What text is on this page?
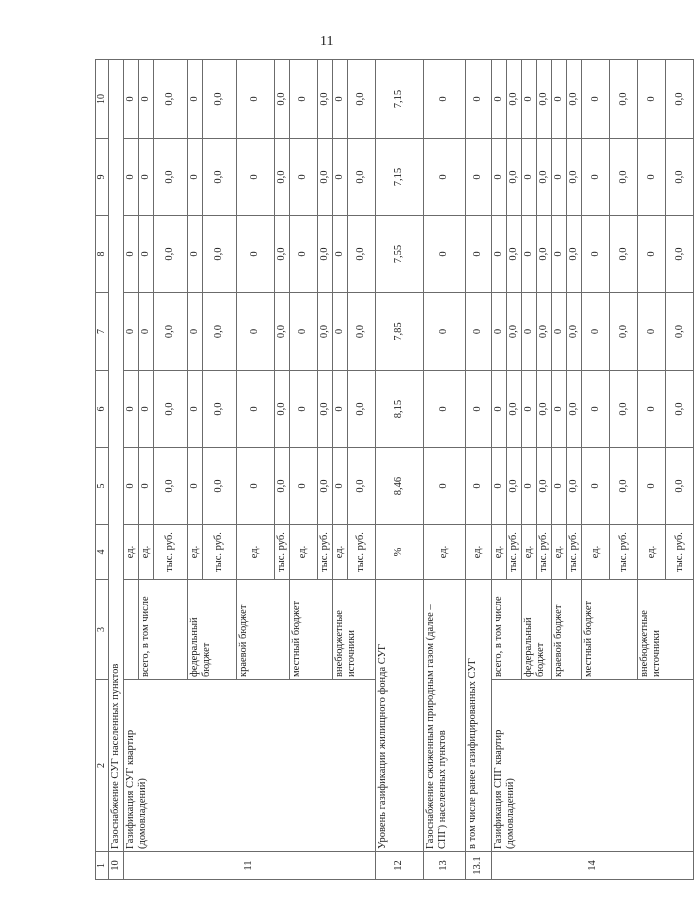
11
1	2	3	4	5	6	7	8	9	10
10	Газоснабжение СУГ населенных пунктов								
11	Газификация СУГ квартир (домовладений)		ед.	0	0	0	0	0	0
		всего, в том числе	ед.	0	0	0	0	0	0
			тыс. руб.	0,0	0,0	0,0	0,0	0,0	0,0
		федеральный бюджет	ед.	0	0	0	0	0	0
			тыс. руб.	0,0	0,0	0,0	0,0	0,0	0,0
		краевой бюджет	ед.	0	0	0	0	0	0
			тыс. руб.	0,0	0,0	0,0	0,0	0,0	0,0
		местный бюджет	ед.	0	0	0	0	0	0
			тыс. руб.	0,0	0,0	0,0	0,0	0,0	0,0
		внебюджетные источники	ед.	0	0	0	0	0	0
			тыс. руб.	0,0	0,0	0,0	0,0	0,0	0,0
12	Уровень газификации жилищного фонда СУГ		%	8,46	8,15	7,85	7,55	7,15	7,15
13	Газоснабжение сжиженным природным газом (далее – СПГ) населенных пунктов		ед.	0	0	0	0	0	0
13.1	в том числе ранее газифицированных СУГ		ед.	0	0	0	0	0	0
14	Газификация СПГ квартир (домовладений)	всего, в том числе	ед.	0	0	0	0	0	0
			тыс. руб.	0,0	0,0	0,0	0,0	0,0	0,0
		федеральный бюджет	ед.	0	0	0	0	0	0
			тыс. руб.	0,0	0,0	0,0	0,0	0,0	0,0
		краевой бюджет	ед.	0	0	0	0	0	0
			тыс. руб.	0,0	0,0	0,0	0,0	0,0	0,0
		местный бюджет	ед.	0	0	0	0	0	0
			тыс. руб.	0,0	0,0	0,0	0,0	0,0	0,0
		внебюджетные источники	ед.	0	0	0	0	0	0
			тыс. руб.	0,0	0,0	0,0	0,0	0,0	0,0
